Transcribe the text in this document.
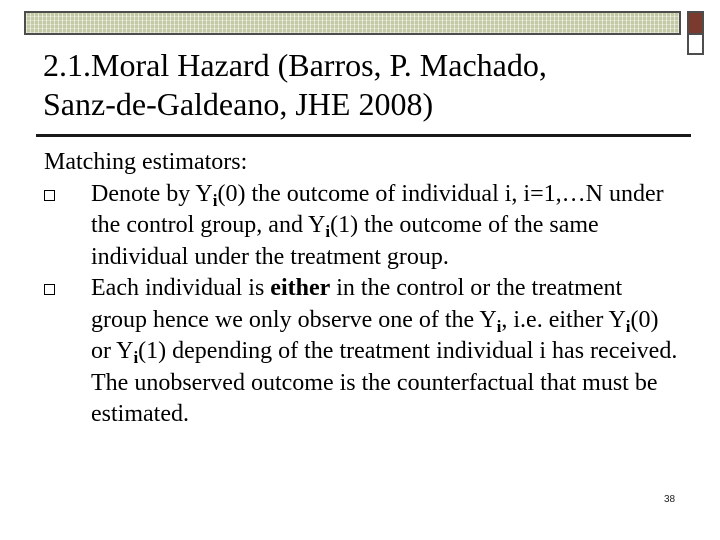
2.1.Moral Hazard (Barros, P. Machado,
Sanz-de-Galdeano, JHE 2008)

Matching estimators:

Denote by $Y_i(0)$ the outcome of individual i, i=1,…N under the control group, and $Y_i(1)$ the outcome of the same individual under the treatment group.
Each individual is either in the control or the treatment group hence we only observe one of the $Y_i$, i.e. either $Y_i(0)$ or $Y_i(1)$ depending of the treatment individual i has received. The unobserved outcome is the counterfactual that must be estimated.
38
